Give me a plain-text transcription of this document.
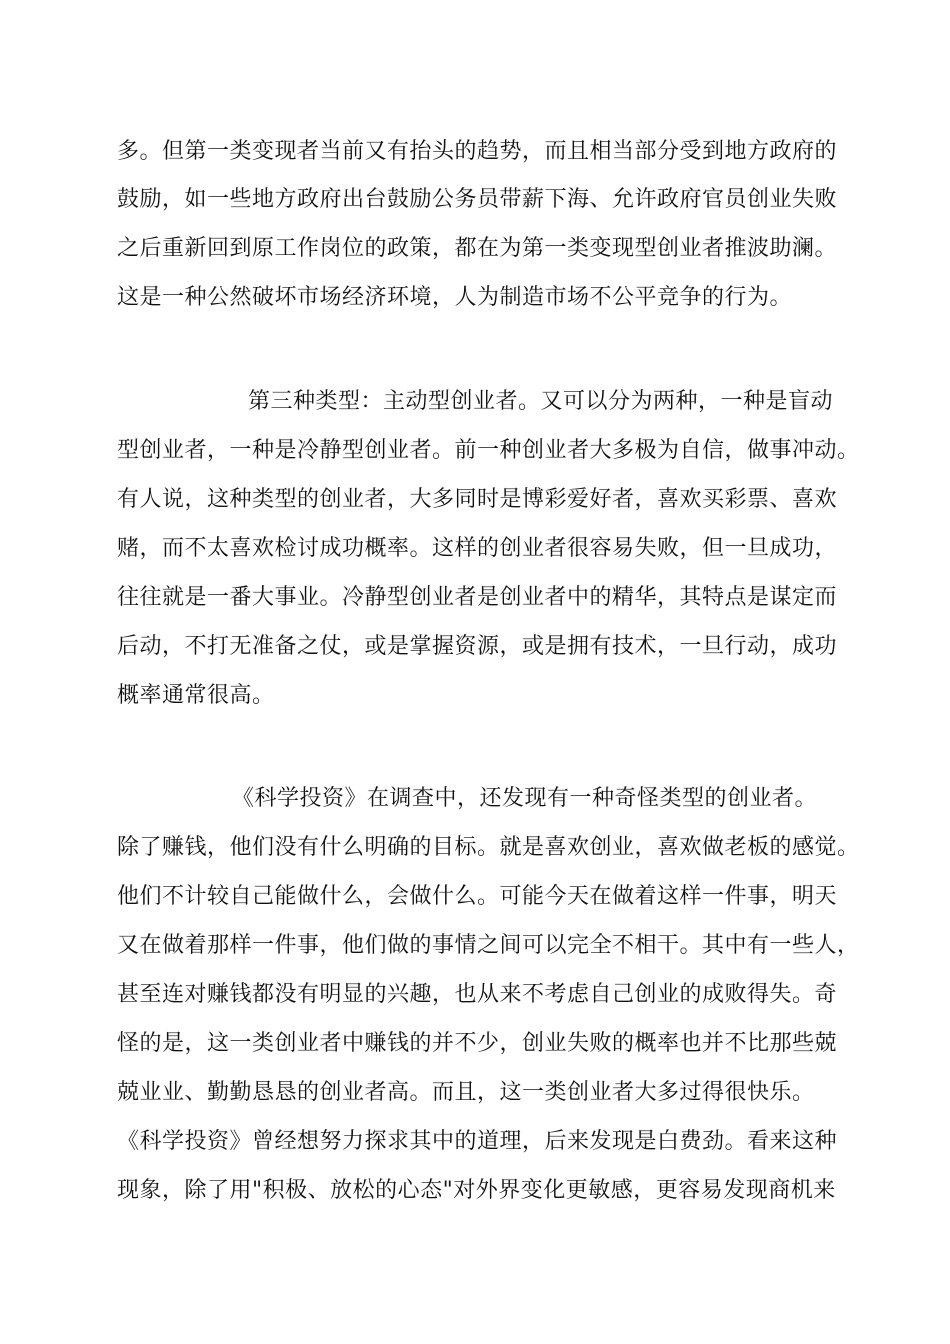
多。但第一类变现者当前又有抬头的趋势，而且相当部分受到地方政府的
鼓励，如一些地方政府出台鼓励公务员带薪下海、允许政府官员创业失败
之后重新回到原工作岗位的政策，都在为第一类变现型创业者推波助澜。
这是一种公然破坏市场经济环境，人为制造市场不公平竞争的行为。
第三种类型：主动型创业者。又可以分为两种，一种是盲动
型创业者，一种是冷静型创业者。前一种创业者大多极为自信，做事冲动。
有人说，这种类型的创业者，大多同时是博彩爱好者，喜欢买彩票、喜欢
赌，而不太喜欢检讨成功概率。这样的创业者很容易失败，但一旦成功，
往往就是一番大事业。冷静型创业者是创业者中的精华，其特点是谋定而
后动，不打无准备之仗，或是掌握资源，或是拥有技术，一旦行动，成功
概率通常很高。
《科学投资》在调查中，还发现有一种奇怪类型的创业者。
除了赚钱，他们没有什么明确的目标。就是喜欢创业，喜欢做老板的感觉。
他们不计较自己能做什么，会做什么。可能今天在做着这样一件事，明天
又在做着那样一件事，他们做的事情之间可以完全不相干。其中有一些人，
甚至连对赚钱都没有明显的兴趣，也从来不考虑自己创业的成败得失。奇
怪的是，这一类创业者中赚钱的并不少，创业失败的概率也并不比那些兢
兢业业、勤勤恳恳的创业者高。而且，这一类创业者大多过得很快乐。
《科学投资》曾经想努力探求其中的道理，后来发现是白费劲。看来这种
现象，除了用"积极、放松的心态"对外界变化更敏感，更容易发现商机来
